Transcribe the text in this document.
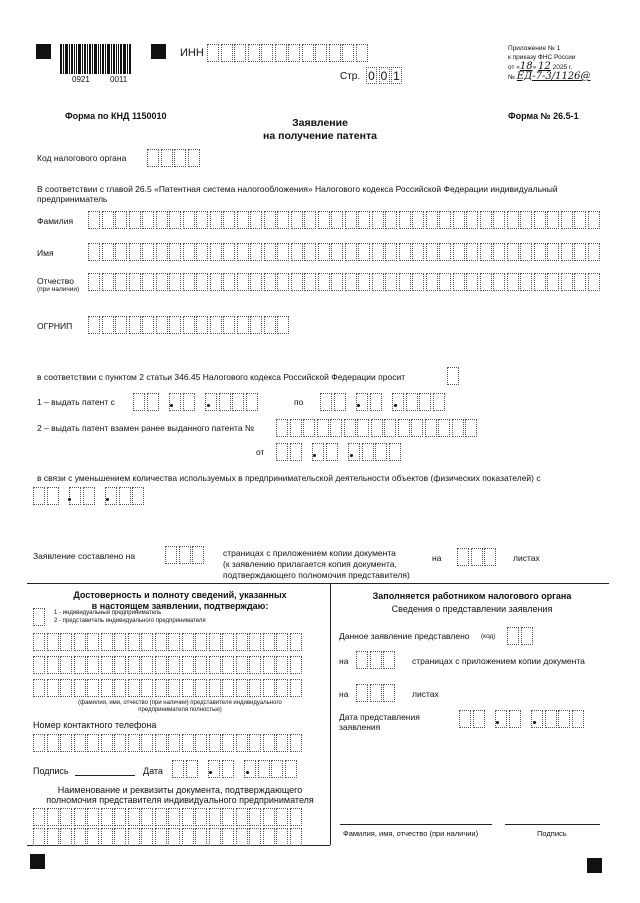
0921	0011
ИНН
Стр. 0 0 1
Приложение № 1
к приказу ФНС России
от «18» 12 2025 г.
№ ЕД-7-3/1126@
Форма по КНД 1150010	Форма № 26.5-1
Заявление
на получение патента
Код налогового органа
В соответствии с главой 26.5 «Патентная система налогообложения» Налогового кодекса Российской Федерации индивидуальный
предприниматель
Фамилия
Имя
Отчество
(при наличии)
ОГРНИП
в соответствии с пунктом 2 статьи 346.45 Налогового кодекса Российской Федерации просит
1 – выдать патент с	по
2 – выдать патент взамен ранее выданного патента №
от
в связи с уменьшением количества используемых в предпринимательской деятельности объектов (физических показателей) с
Заявление составлено на	страницах с приложением копии документа
(к заявлению прилагается копия документа,
подтверждающего полномочия представителя)
на	листах
Достоверность и полноту сведений, указанных
в настоящем заявлении, подтверждаю:
1 - индивидуальный предприниматель
2 - представитель индивидуального предпринимателя
(фамилия, имя, отчество (при наличии) представителя индивидуального
предпринимателя полностью)
Номер контактного телефона
Подпись	Дата
Наименование и реквизиты документа, подтверждающего
полномочия представителя индивидуального предпринимателя
Заполняется работником налогового органа
Сведения о представлении заявления
Данное заявление представлено (код)
на	страницах с приложением копии документа
на	листах
Дата представления
заявления
Фамилия, имя, отчество (при наличии)	Подпись
